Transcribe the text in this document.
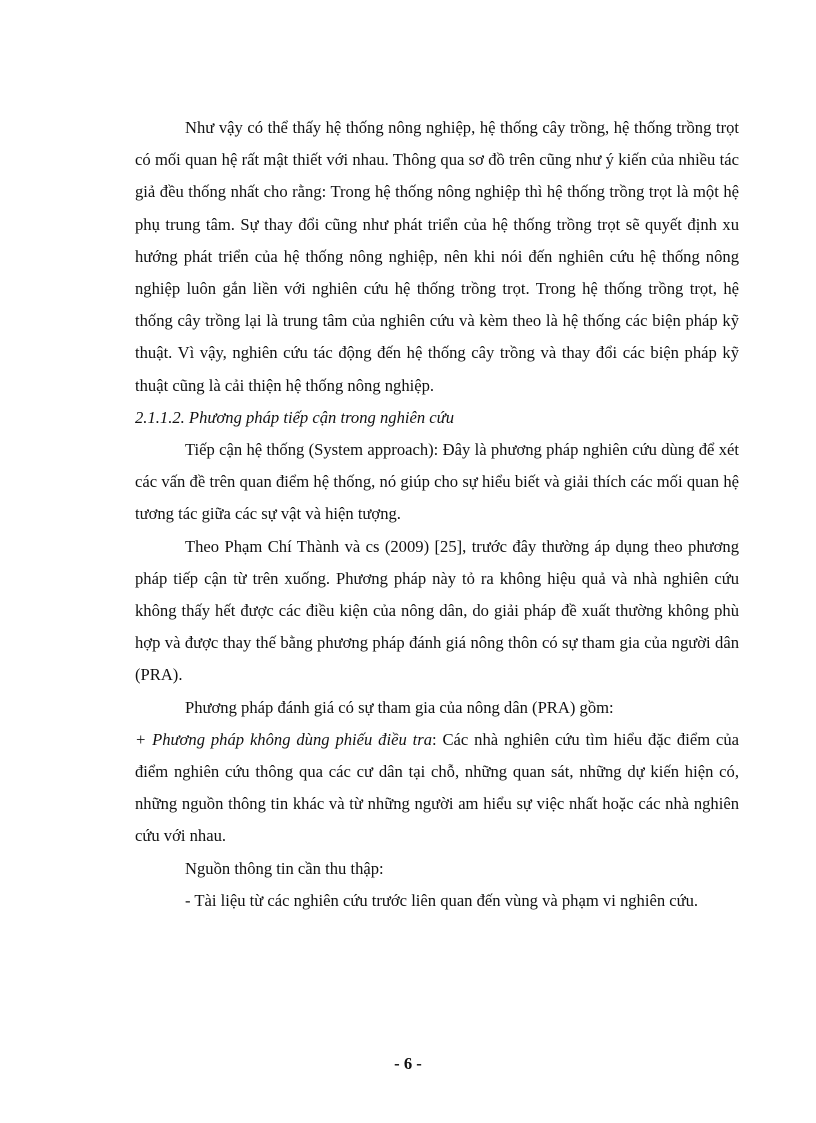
Như vậy có thể thấy hệ thống nông nghiệp, hệ thống cây trồng, hệ thống trồng trọt có mối quan hệ rất mật thiết với nhau. Thông qua sơ đồ trên cũng như ý kiến của nhiều tác giả đều thống nhất cho rằng: Trong hệ thống nông nghiệp thì hệ thống trồng trọt là một hệ phụ trung tâm. Sự thay đổi cũng như phát triển của hệ thống trồng trọt sẽ quyết định xu hướng phát triển của hệ thống nông nghiệp, nên khi nói đến nghiên cứu hệ thống nông nghiệp luôn gắn liền với nghiên cứu hệ thống trồng trọt. Trong hệ thống trồng trọt, hệ thống cây trồng lại là trung tâm của nghiên cứu và kèm theo là hệ thống các biện pháp kỹ thuật. Vì vậy, nghiên cứu tác động đến hệ thống cây trồng và thay đổi các biện pháp kỹ thuật cũng là cải thiện hệ thống nông nghiệp.

2.1.1.2. Phương pháp tiếp cận trong nghiên cứu

Tiếp cận hệ thống (System approach): Đây là phương pháp nghiên cứu dùng để xét các vấn đề trên quan điểm hệ thống, nó giúp cho sự hiểu biết và giải thích các mối quan hệ tương tác giữa các sự vật và hiện tượng.

Theo Phạm Chí Thành và cs (2009) [25], trước đây thường áp dụng theo phương pháp tiếp cận từ trên xuống. Phương pháp này tỏ ra không hiệu quả và nhà nghiên cứu không thấy hết được các điều kiện của nông dân, do giải pháp đề xuất thường không phù hợp và được thay thế bằng phương pháp đánh giá nông thôn có sự tham gia của người dân (PRA).

Phương pháp đánh giá có sự tham gia của nông dân (PRA) gồm:

+ Phương pháp không dùng phiếu điều tra: Các nhà nghiên cứu tìm hiểu đặc điểm của điểm nghiên cứu thông qua các cư dân tại chỗ, những quan sát, những dự kiến hiện có, những nguồn thông tin khác và từ những người am hiểu sự việc nhất hoặc các nhà nghiên cứu với nhau.

Nguồn thông tin cần thu thập:

- Tài liệu từ các nghiên cứu trước liên quan đến vùng và phạm vi nghiên cứu.

- 6 -
